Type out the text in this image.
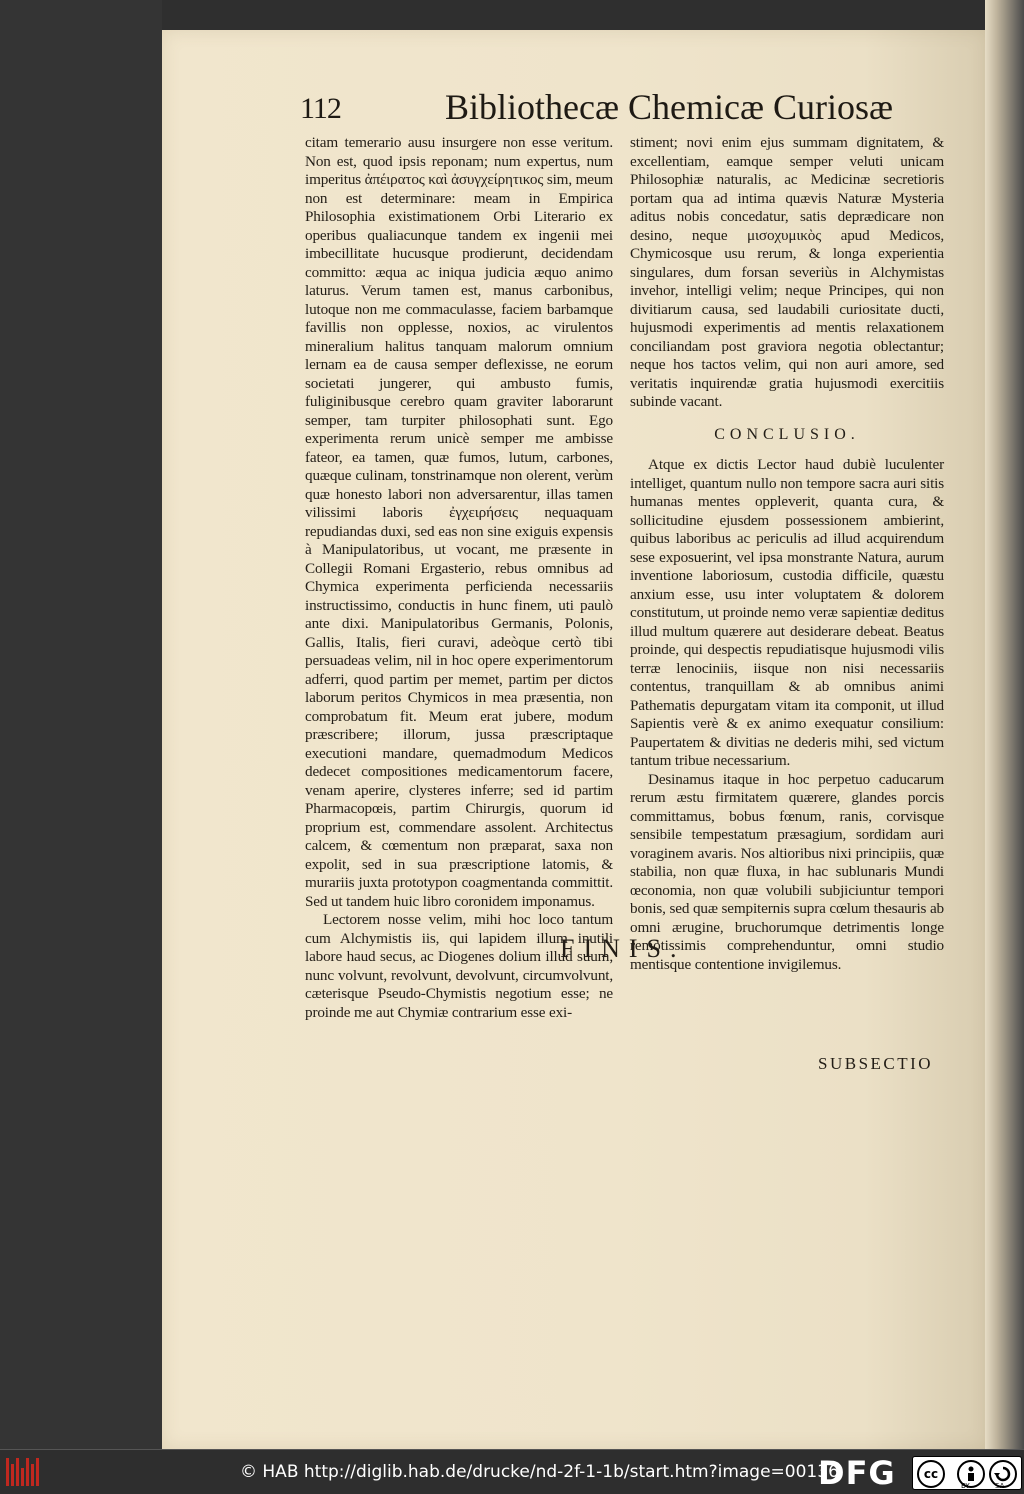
112	Bibliothecæ Chemicæ Curiosæ

citam temerario ausu insurgere non esse veritum. Non est, quod ipsis reponam; num expertus, num imperitus ἀπέιρατος καὶ ἀσυγχείρητικος sim, meum non est determinare: meam in Empirica Philosophia existimationem Orbi Literario ex operibus qualiacunque tandem ex ingenii mei imbecillitate hucusque prodierunt, decidendam committo: æqua ac iniqua judicia æquo animo laturus. Verum tamen est, manus carbonibus, lutoque non me commaculasse, faciem barbamque favillis non opplesse, noxios, ac virulentos mineralium halitus tanquam malorum omnium lernam ea de causa semper deflexisse, ne eorum societati jungerer, qui ambusto fumis, fuliginibusque cerebro quam graviter laborarunt semper, tam turpiter philosophati sunt. Ego experimenta rerum unicè semper me ambisse fateor, ea tamen, quæ fumos, lutum, carbones, quæque culinam, tonstrinamque non olerent, verùm quæ honesto labori non adversarentur, illas tamen vilissimi laboris ἐγχειρήσεις nequaquam repudiandas duxi, sed eas non sine exiguis expensis à Manipulatoribus, ut vocant, me præsente in Collegii Romani Ergasterio, rebus omnibus ad Chymica experimenta perficienda necessariis instructissimo, conductis in hunc finem, uti paulò ante dixi. Manipulatoribus Germanis, Polonis, Gallis, Italis, fieri curavi, adeòque certò tibi persuadeas velim, nil in hoc opere experimentorum adferri, quod partim per memet, partim per dictos laborum peritos Chymicos in mea præsentia, non comprobatum fit. Meum erat jubere, modum præscribere; illorum, jussa præscriptaque executioni mandare, quemadmodum Medicos dedecet compositiones medicamentorum facere, venam aperire, clysteres inferre; sed id partim Pharmacopœis, partim Chirurgis, quorum id proprium est, commendare assolent. Architectus calcem, & cœmentum non præparat, saxa non expolit, sed in sua præscriptione latomis, & murariis juxta prototypon coagmentanda committit. Sed ut tandem huic libro coronidem imponamus.

Lectorem nosse velim, mihi hoc loco tantum cum Alchymistis iis, qui lapidem illum inutili labore haud secus, ac Diogenes dolium illud suum, nunc volvunt, revolvunt, devolvunt, circumvolvunt, cæterisque Pseudo-Chymistis negotium esse; ne proinde me aut Chymiæ contrarium esse exi-

stiment; novi enim ejus summam dignitatem, & excellentiam, eamque semper veluti unicam Philosophiæ naturalis, ac Medicinæ secretioris portam qua ad intima quævis Naturæ Mysteria aditus nobis concedatur, satis deprædicare non desino, neque μισοχυμικὸς apud Medicos, Chymicosque usu rerum, & longa experientia singulares, dum forsan severiùs in Alchymistas invehor, intelligi velim; neque Principes, qui non divitiarum causa, sed laudabili curiositate ducti, hujusmodi experimentis ad mentis relaxationem conciliandam post graviora negotia oblectantur; neque hos tactos velim, qui non auri amore, sed veritatis inquirendæ gratia hujusmodi exercitiis subinde vacant.

CONCLUSIO.

Atque ex dictis Lector haud dubiè luculenter intelliget, quantum nullo non tempore sacra auri sitis humanas mentes oppleverit, quanta cura, & sollicitudine ejusdem possessionem ambierint, quibus laboribus ac periculis ad illud acquirendum sese exposuerint, vel ipsa monstrante Natura, aurum inventione laboriosum, custodia difficile, quæstu anxium esse, usu inter voluptatem & dolorem constitutum, ut proinde nemo veræ sapientiæ deditus illud multum quærere aut desiderare debeat. Beatus proinde, qui despectis repudiatisque hujusmodi vilis terræ lenociniis, iisque non nisi necessariis contentus, tranquillam & ab omnibus animi Pathematis depurgatam vitam ita componit, ut illud Sapientis verè & ex animo exequatur consilium: Paupertatem & divitias ne dederis mihi, sed victum tantum tribue necessarium.

Desinamus itaque in hoc perpetuo caducarum rerum æstu firmitatem quærere, glandes porcis committamus, bobus fœnum, ranis, corvisque sensibile tempestatum præsagium, sordidam auri voraginem avaris. Nos altioribus nixi principiis, quæ stabilia, non quæ fluxa, in hac sublunaris Mundi œconomia, non quæ volubili subjiciuntur tempori bonis, sed quæ sempiternis supra cœlum thesauris ab omni ærugine, bruchorumque detrimentis longe remotissimis comprehenduntur, omni studio mentisque contentione invigilemus.

FINIS.
SUBSECTIO
© HAB http://diglib.hab.de/drucke/nd-2f-1-1b/start.htm?image=00136
DFG	cc
BY	SA
